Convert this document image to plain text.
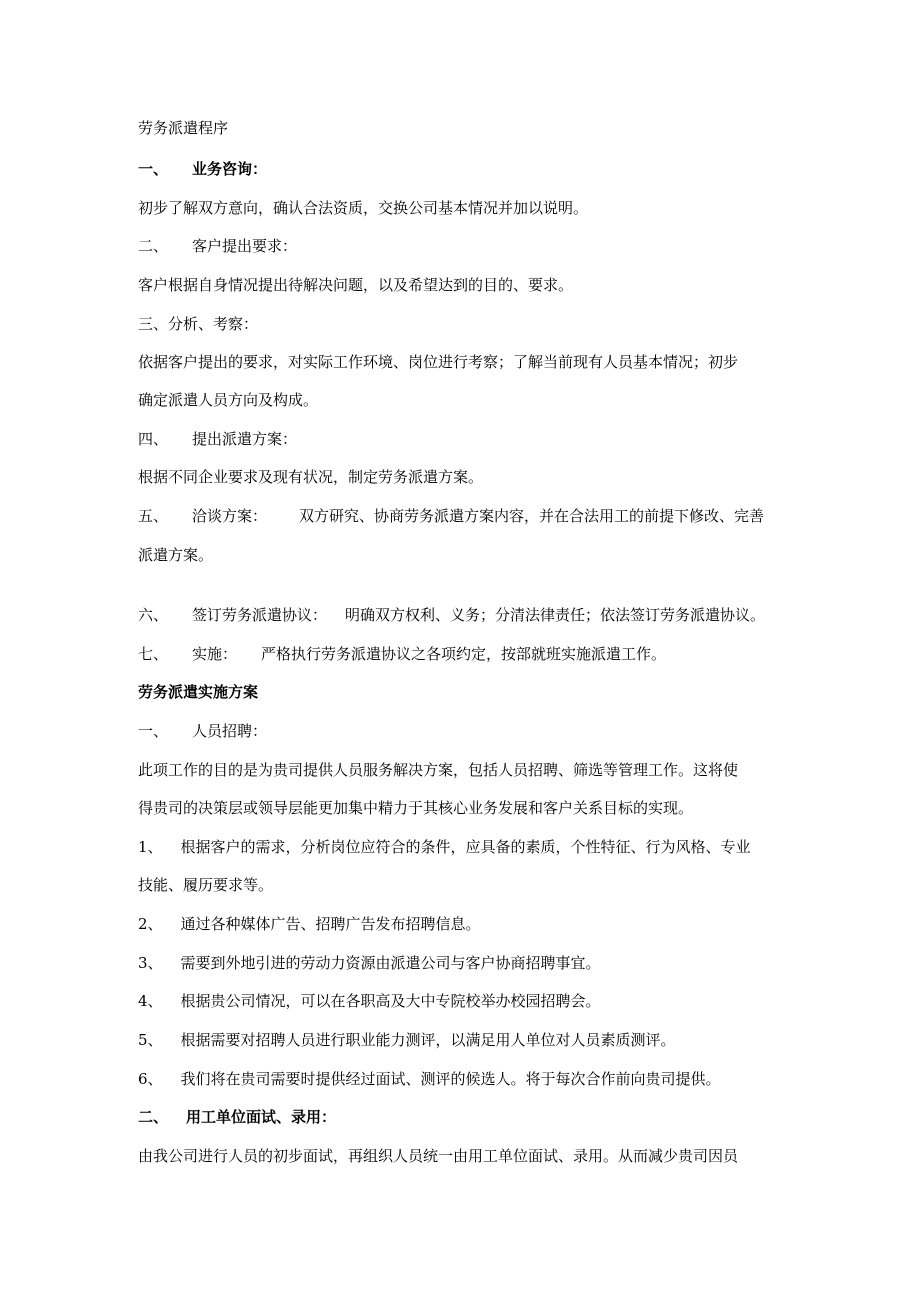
劳务派遣程序
一、 业务咨询：
初步了解双方意向，确认合法资质，交换公司基本情况并加以说明。
二、 客户提出要求：
客户根据自身情况提出待解决问题，以及希望达到的目的、要求。
三、分析、考察：
依据客户提出的要求，对实际工作环境、岗位进行考察；了解当前现有人员基本情况；初步
确定派遣人员方向及构成。
四、 提出派遣方案：
根据不同企业要求及现有状况，制定劳务派遣方案。
五、 洽谈方案： 双方研究、协商劳务派遣方案内容，并在合法用工的前提下修改、完善
派遣方案。
六、 签订劳务派遣协议： 明确双方权利、义务；分清法律责任；依法签订劳务派遣协议。
七、 实施： 严格执行劳务派遣协议之各项约定，按部就班实施派遣工作。
劳务派遣实施方案
一、 人员招聘：
此项工作的目的是为贵司提供人员服务解决方案，包括人员招聘、筛选等管理工作。这将使
得贵司的决策层或领导层能更加集中精力于其核心业务发展和客户关系目标的实现。
1、 根据客户的需求，分析岗位应符合的条件，应具备的素质，个性特征、行为风格、专业
技能、履历要求等。
2、 通过各种媒体广告、招聘广告发布招聘信息。
3、 需要到外地引进的劳动力资源由派遣公司与客户协商招聘事宜。
4、 根据贵公司情况，可以在各职高及大中专院校举办校园招聘会。
5、 根据需要对招聘人员进行职业能力测评，以满足用人单位对人员素质测评。
6、 我们将在贵司需要时提供经过面试、测评的候选人。将于每次合作前向贵司提供。
二、 用工单位面试、录用：
由我公司进行人员的初步面试，再组织人员统一由用工单位面试、录用。从而减少贵司因员
